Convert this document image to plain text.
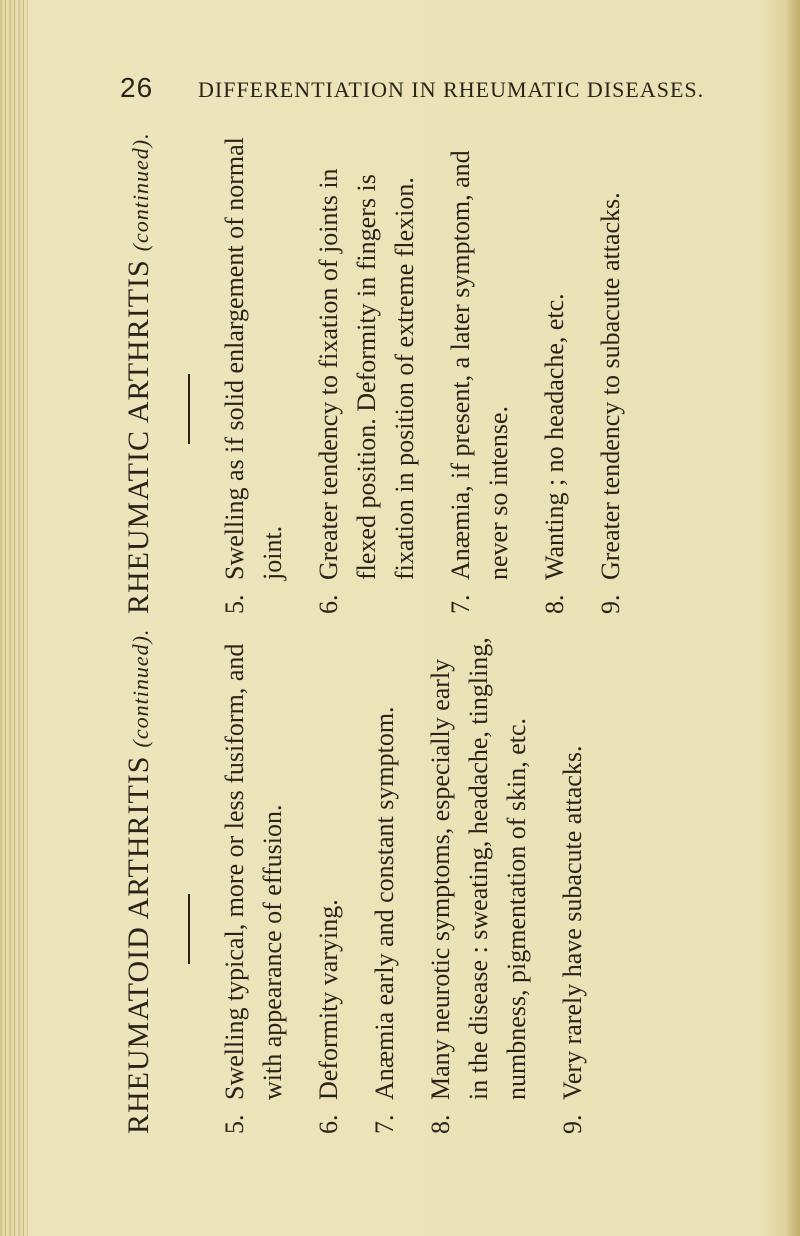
26 DIFFERENTIATION IN RHEUMATIC DISEASES.
RHEUMATOID ARTHRITIS(continued).
5.Swelling typical, more or less fusiform, and with appearance of effusion.
6.Deformity varying.
7.Anæmia early and constant symptom.
8.Many neurotic symptoms, especially early in the disease : sweating, headache, tingling, numbness, pigmentation of skin, etc.
9.Very rarely have subacute attacks.
RHEUMATIC ARTHRITIS(continued).
5.Swelling as if solid enlargement of normal joint.
6.Greater tendency to fixation of joints in flexed position. Deformity in fingers is fixation in position of extreme flexion.
7.Anæmia, if present, a later symptom, and never so intense.
8.Wanting ; no headache, etc.
9.Greater tendency to subacute attacks.
